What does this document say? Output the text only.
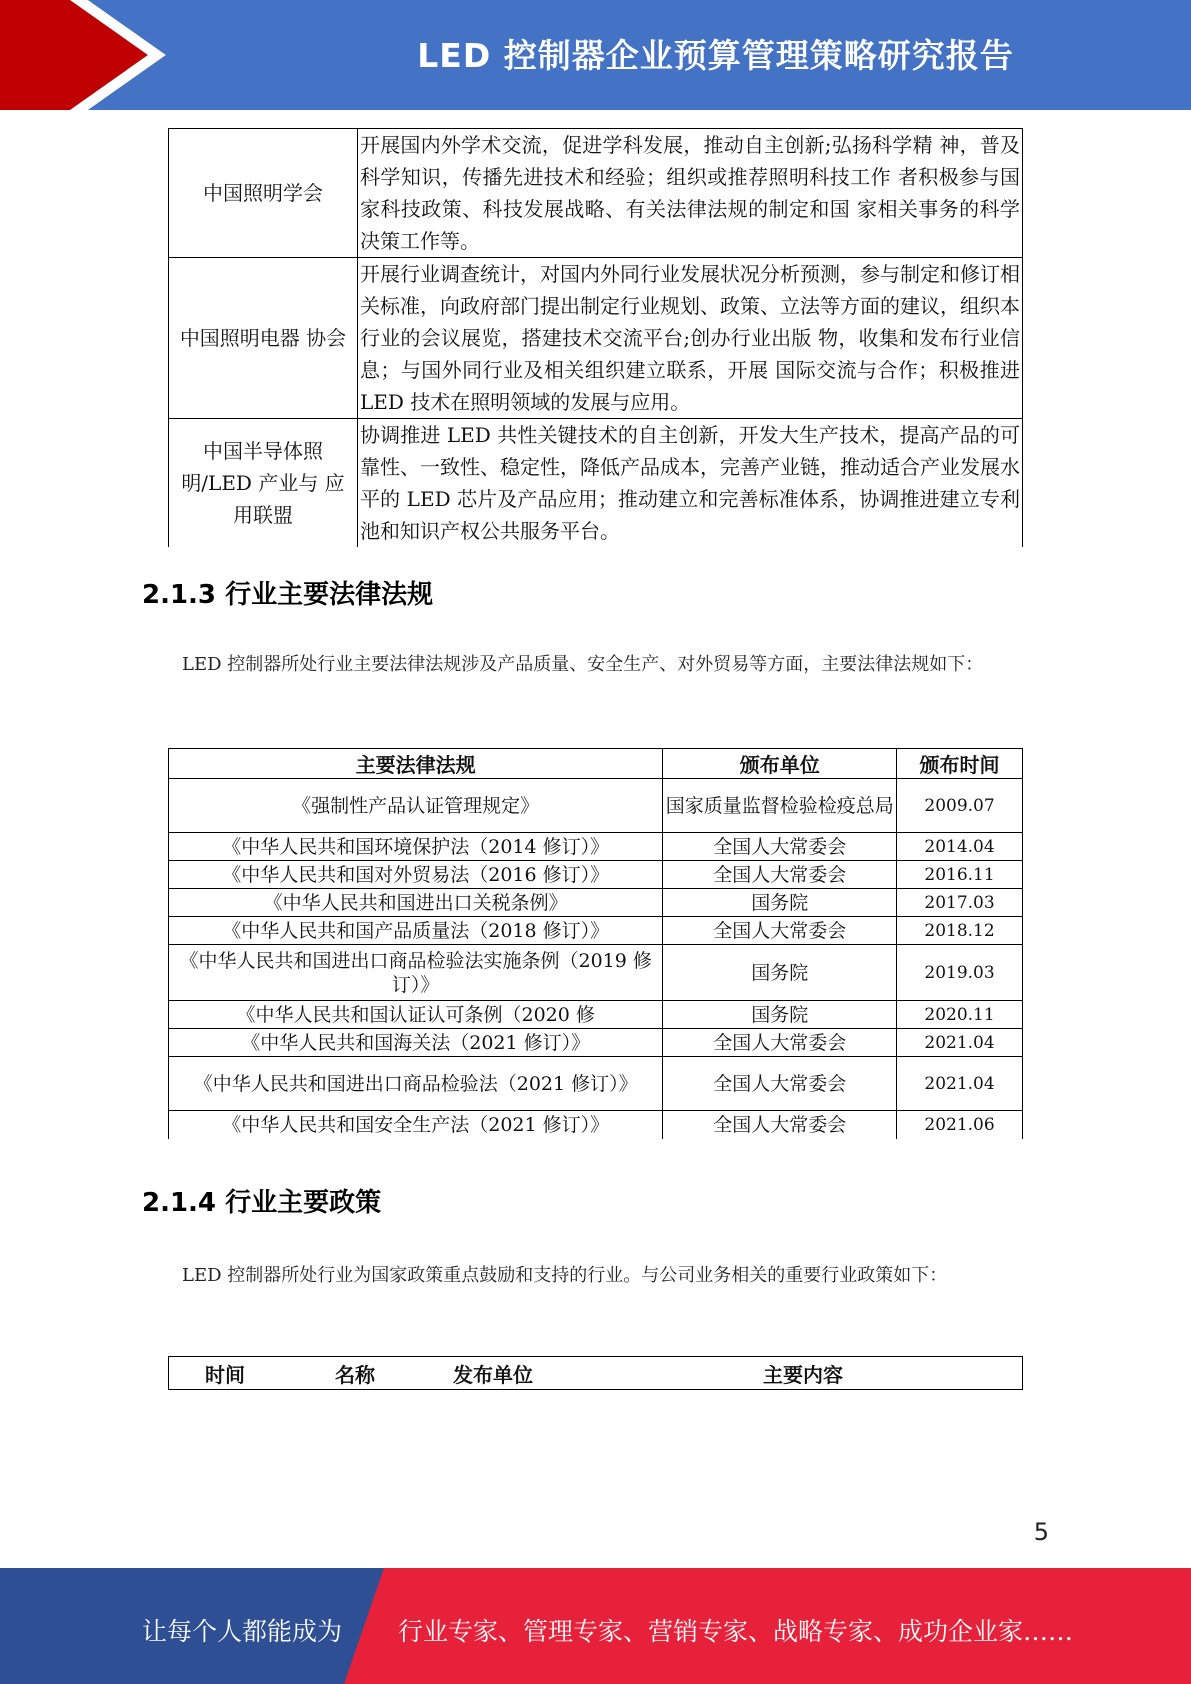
LED 控制器企业预算管理策略研究报告
中国照明学会	开展国内外学术交流，促进学科发展，推动自主创新;弘扬科学精 神，普及科学知识，传播先进技术和经验；组织或推荐照明科技工作 者积极参与国家科技政策、科技发展战略、有关法律法规的制定和国 家相关事务的科学决策工作等。
中国照明电器 协会	开展行业调查统计，对国内外同行业发展状况分析预测，参与制定和修订相关标准，向政府部门提出制定行业规划、政策、立法等方面的建议，组织本行业的会议展览，搭建技术交流平台;创办行业出版 物，收集和发布行业信息；与国外同行业及相关组织建立联系，开展 国际交流与合作；积极推进 LED 技术在照明领域的发展与应用。
中国半导体照 明/LED 产业与 应用联盟	协调推进 LED 共性关键技术的自主创新，开发大生产技术，提高产品的可靠性、一致性、稳定性，降低产品成本，完善产业链，推动适合产业发展水平的 LED 芯片及产品应用；推动建立和完善标准体系，协调推进建立专利池和知识产权公共服务平台。
2.1.3 行业主要法律法规
LED 控制器所处行业主要法律法规涉及产品质量、安全生产、对外贸易等方面，主要法律法规如下：
主要法律法规	颁布单位	颁布时间
《强制性产品认证管理规定》	国家质量监督检验检疫总局	2009.07
《中华人民共和国环境保护法（2014 修订）》	全国人大常委会	2014.04
《中华人民共和国对外贸易法（2016 修订）》	全国人大常委会	2016.11
《中华人民共和国进出口关税条例》	国务院	2017.03
《中华人民共和国产品质量法（2018 修订）》	全国人大常委会	2018.12
《中华人民共和国进出口商品检验法实施条例（2019 修订）》	国务院	2019.03
《中华人民共和国认证认可条例（2020 修	国务院	2020.11
《中华人民共和国海关法（2021 修订）》	全国人大常委会	2021.04
《中华人民共和国进出口商品检验法（2021 修订）》	全国人大常委会	2021.04
《中华人民共和国安全生产法（2021 修订）》	全国人大常委会	2021.06
2.1.4 行业主要政策
LED 控制器所处行业为国家政策重点鼓励和支持的行业。与公司业务相关的重要行业政策如下：
时间	名称	发布单位	主要内容
5
让每个人都能成为 行业专家、管理专家、营销专家、战略专家、成功企业家……
